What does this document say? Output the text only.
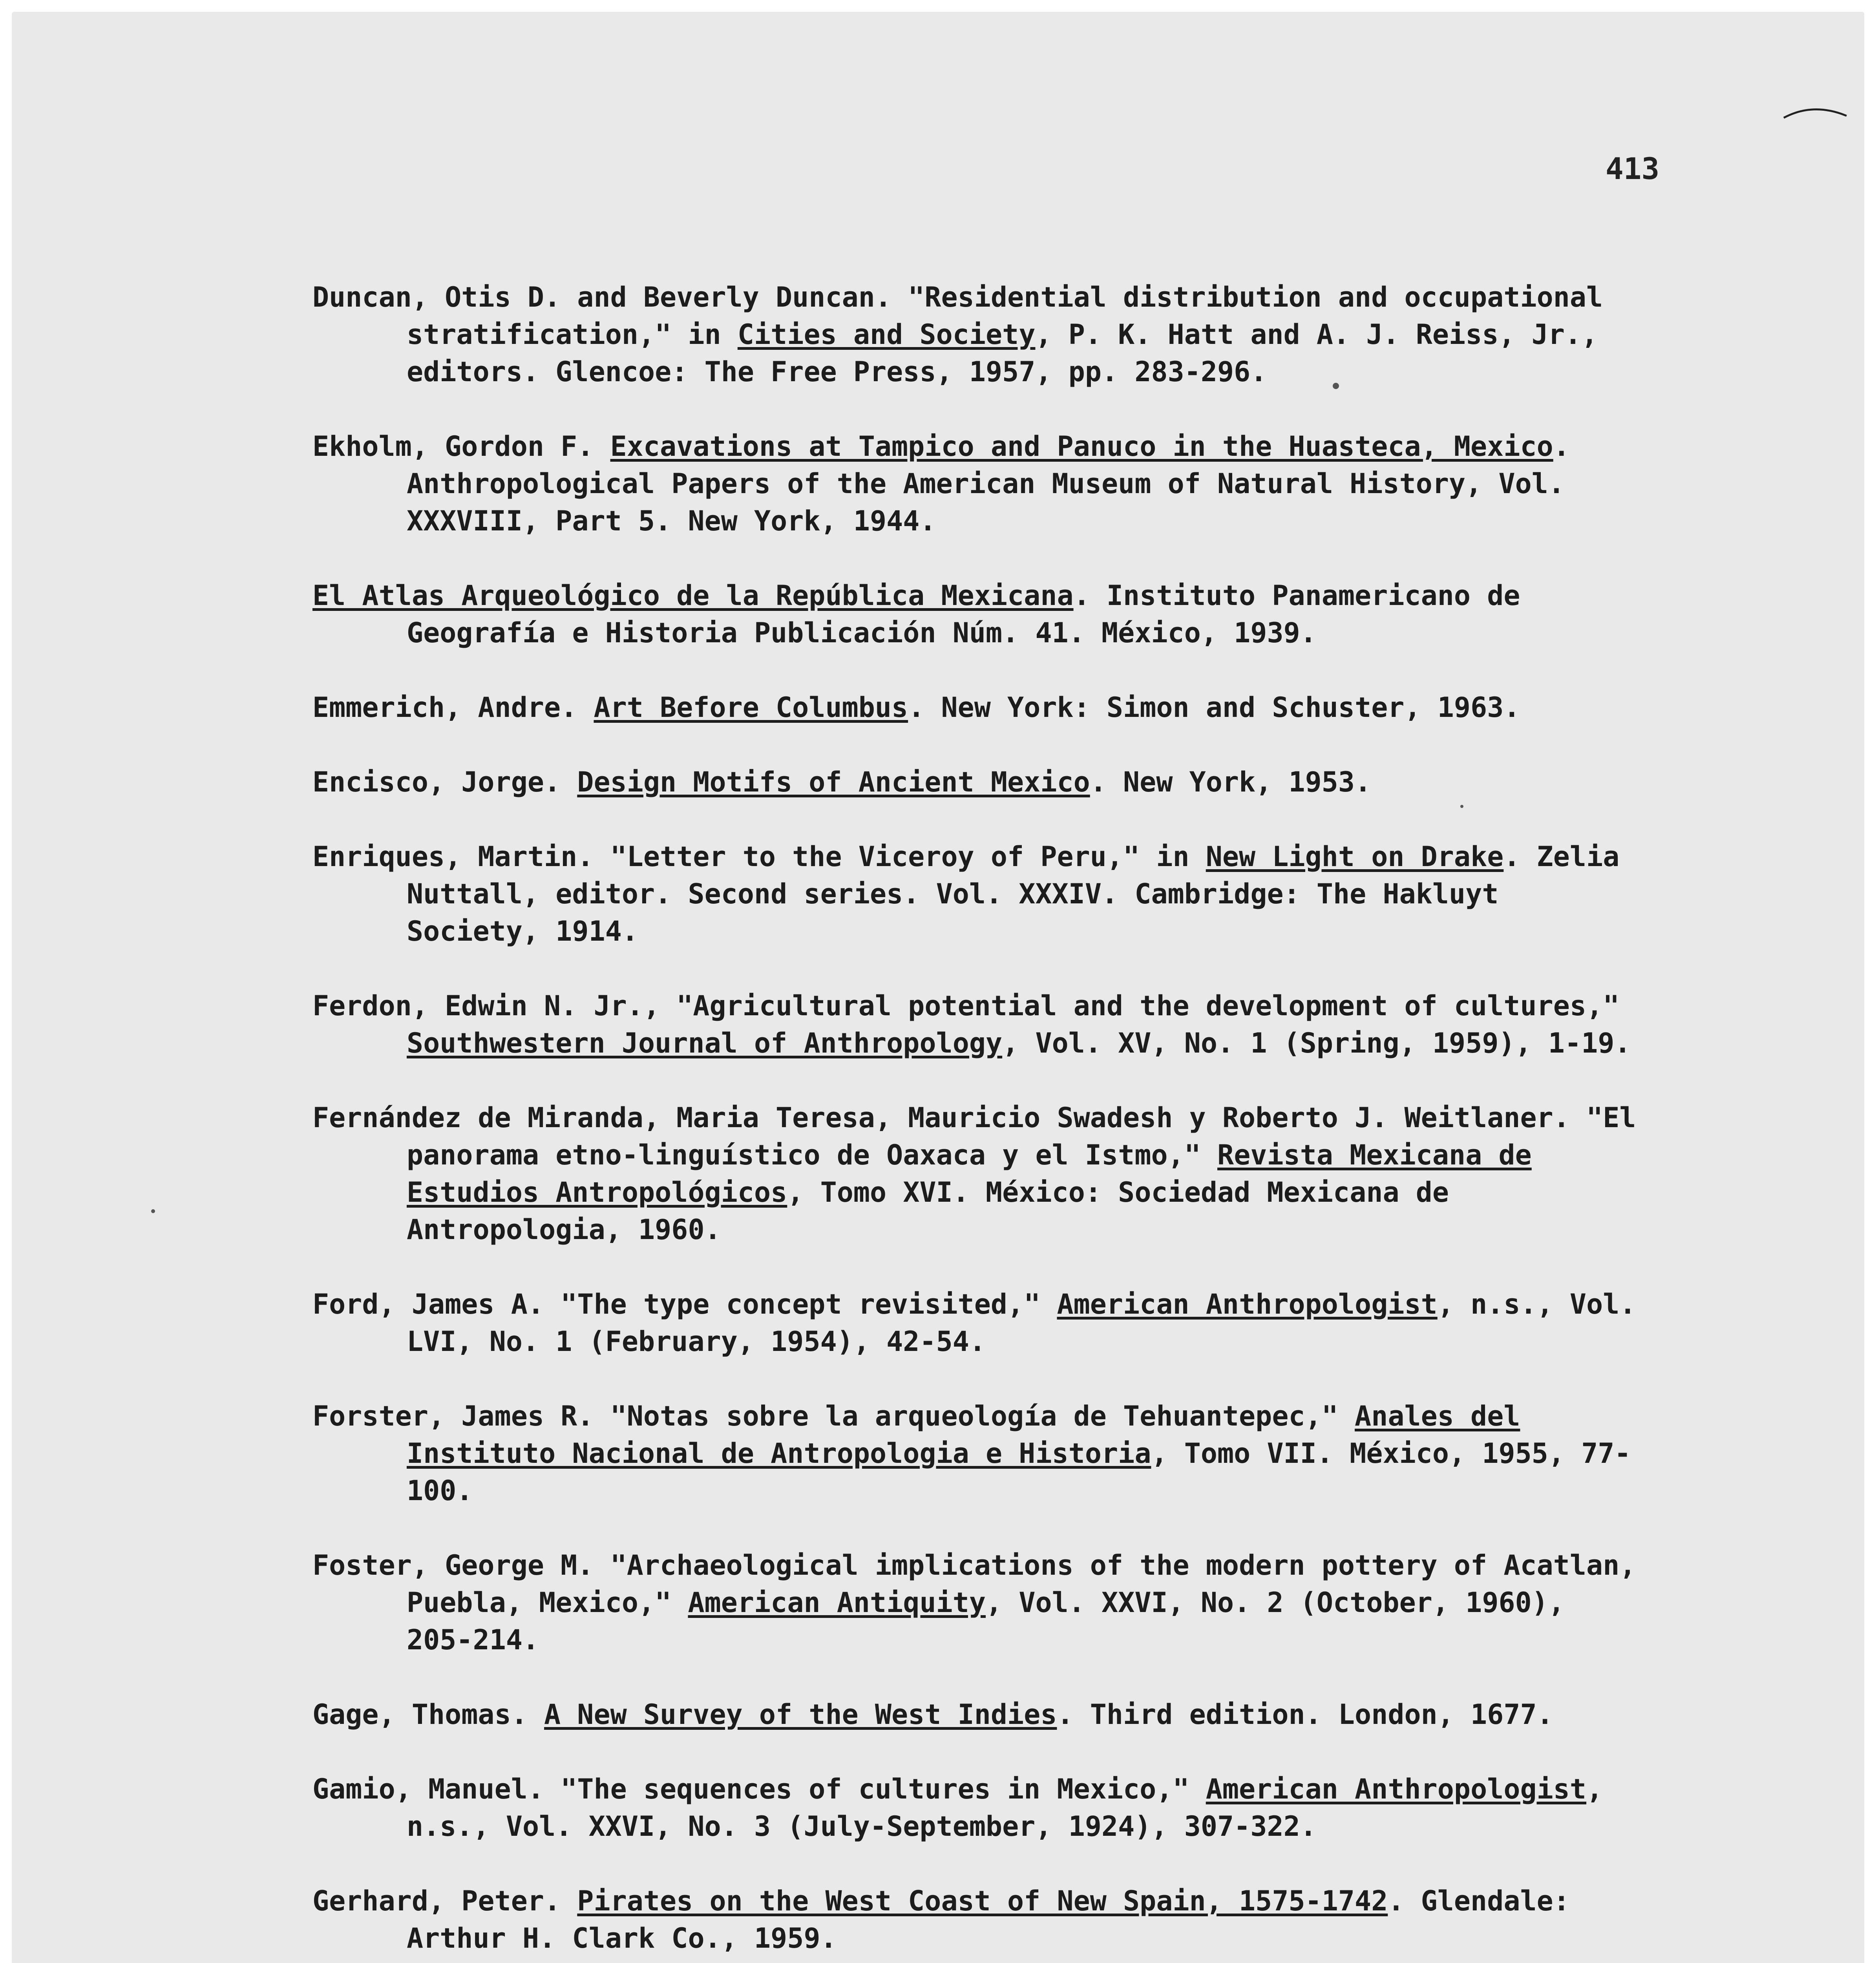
413

Duncan, Otis D. and Beverly Duncan. "Residential distribution and occupational stratification," in Cities and Society, P. K. Hatt and A. J. Reiss, Jr., editors. Glencoe: The Free Press, 1957, pp. 283-296.

Ekholm, Gordon F. Excavations at Tampico and Panuco in the Huasteca, Mexico. Anthropological Papers of the American Museum of Natural History, Vol. XXXVIII, Part 5. New York, 1944.

El Atlas Arqueológico de la República Mexicana. Instituto Panamericano de Geografía e Historia Publicación Núm. 41. México, 1939.

Emmerich, Andre. Art Before Columbus. New York: Simon and Schuster, 1963.

Encisco, Jorge. Design Motifs of Ancient Mexico. New York, 1953.

Enriques, Martin. "Letter to the Viceroy of Peru," in New Light on Drake. Zelia Nuttall, editor. Second series. Vol. XXXIV. Cambridge: The Hakluyt Society, 1914.

Ferdon, Edwin N. Jr., "Agricultural potential and the development of cultures," Southwestern Journal of Anthropology, Vol. XV, No. 1 (Spring, 1959), 1-19.

Fernández de Miranda, Maria Teresa, Mauricio Swadesh y Roberto J. Weitlaner. "El panorama etno-linguístico de Oaxaca y el Istmo," Revista Mexicana de Estudios Antropológicos, Tomo XVI. México: Sociedad Mexicana de Antropologia, 1960.

Ford, James A. "The type concept revisited," American Anthropologist, n.s., Vol. LVI, No. 1 (February, 1954), 42-54.

Forster, James R. "Notas sobre la arqueología de Tehuantepec," Anales del Instituto Nacional de Antropologia e Historia, Tomo VII. México, 1955, 77-100.

Foster, George M. "Archaeological implications of the modern pottery of Acatlan, Puebla, Mexico," American Antiquity, Vol. XXVI, No. 2 (October, 1960), 205-214.

Gage, Thomas. A New Survey of the West Indies. Third edition. London, 1677.

Gamio, Manuel. "The sequences of cultures in Mexico," American Anthropologist, n.s., Vol. XXVI, No. 3 (July-September, 1924), 307-322.

Gerhard, Peter. Pirates on the West Coast of New Spain, 1575-1742. Glendale: Arthur H. Clark Co., 1959.
